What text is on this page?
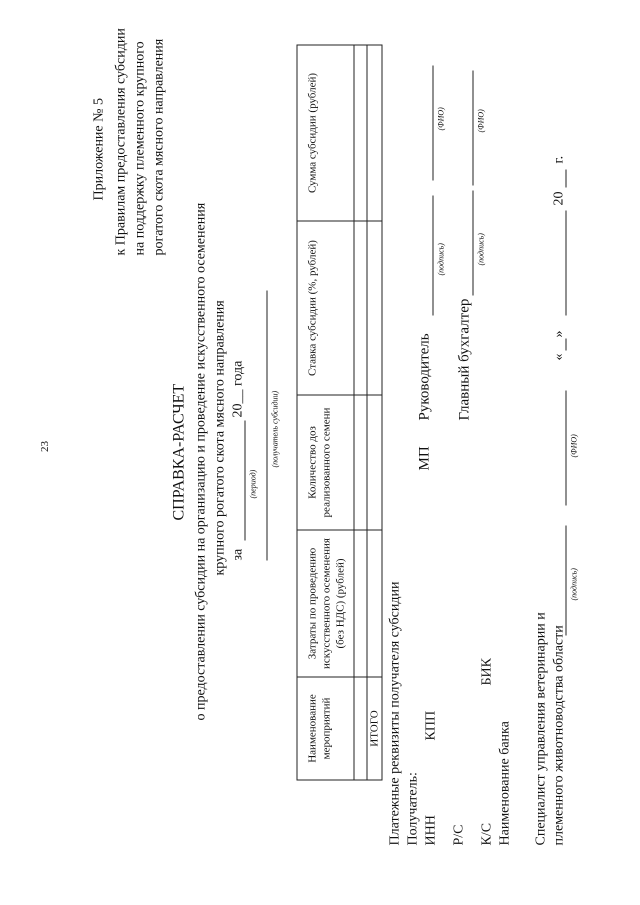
23
Приложение № 5 к Правилам предоставления субсидии на поддержку племенного крупного рогатого скота мясного направления
СПРАВКА-РАСЧЕТ о предоставлении субсидии на организацию и проведение искусственного осеменения крупного рогатого скота мясного направления за
20__ года
(период)
(получатель субсидии)
Наименование мероприятий	Затраты по проведению искусственного осеменения (без НДС) (рублей)	Количество доз реализованного семени	Ставка субсидии (%, рублей)	Сумма субсидии (рублей)

ИТОГО				Платежные реквизиты получателя субсидии Получатель: ИНН
КПП
Р/С К/С
БИК
Наименование банка
МП
Руководитель
(подпись)
(ФИО)
Главный бухгалтер
(подпись)
(ФИО)
Специалист управления ветеринарии и племенного животноводства области
(подпись)
(ФИО)
«
»
20
г.
